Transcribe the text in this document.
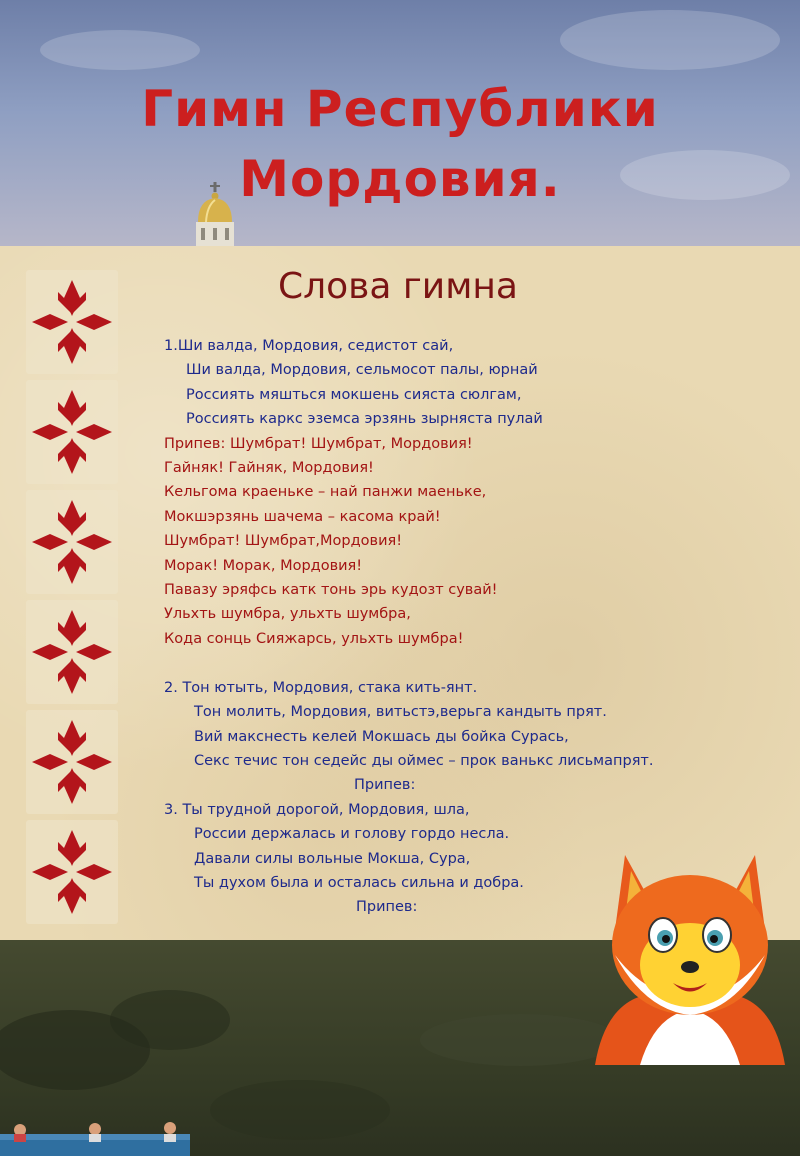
Гимн Республики
Мордовия.
Слова гимна
1.Ши валда, Мордовия, седистот сай,
Ши валда, Мордовия, сельмосот палы, юрнай
Россиять мяшться мокшень сияста сюлгам,
Россиять каркс эземса эрзянь зырняста пулай
Припев: Шумбрат! Шумбрат, Мордовия!
Гайняк! Гайняк, Мордовия!
Кельгома краеньке – най панжи маеньке,
Мокшэрзянь шачема – касома край!
Шумбрат! Шумбрат,Мордовия!
Морак! Морак, Мордовия!
Павазу эряфсь катк тонь эрь кудозт сувай!
Ульхть шумбра, ульхть шумбра,
Кода сонць Сияжарсь, ульхть шумбра!

2. Тон ютыть, Мордовия, стака кить-янт.
Тон молить, Мордовия, витьстэ,верьга кандыть прят.
Вий макснесть келей Мокшась ды бойка Сурась,
Секс течис тон седейс ды оймес – прок ванькс лисьмапрят.
Припев:
3. Ты трудной дорогой, Мордовия, шла,
России держалась и голову гордо несла.
Давали силы вольные Мокша, Сура,
Ты духом была и осталась сильна и добра.
Припев:
